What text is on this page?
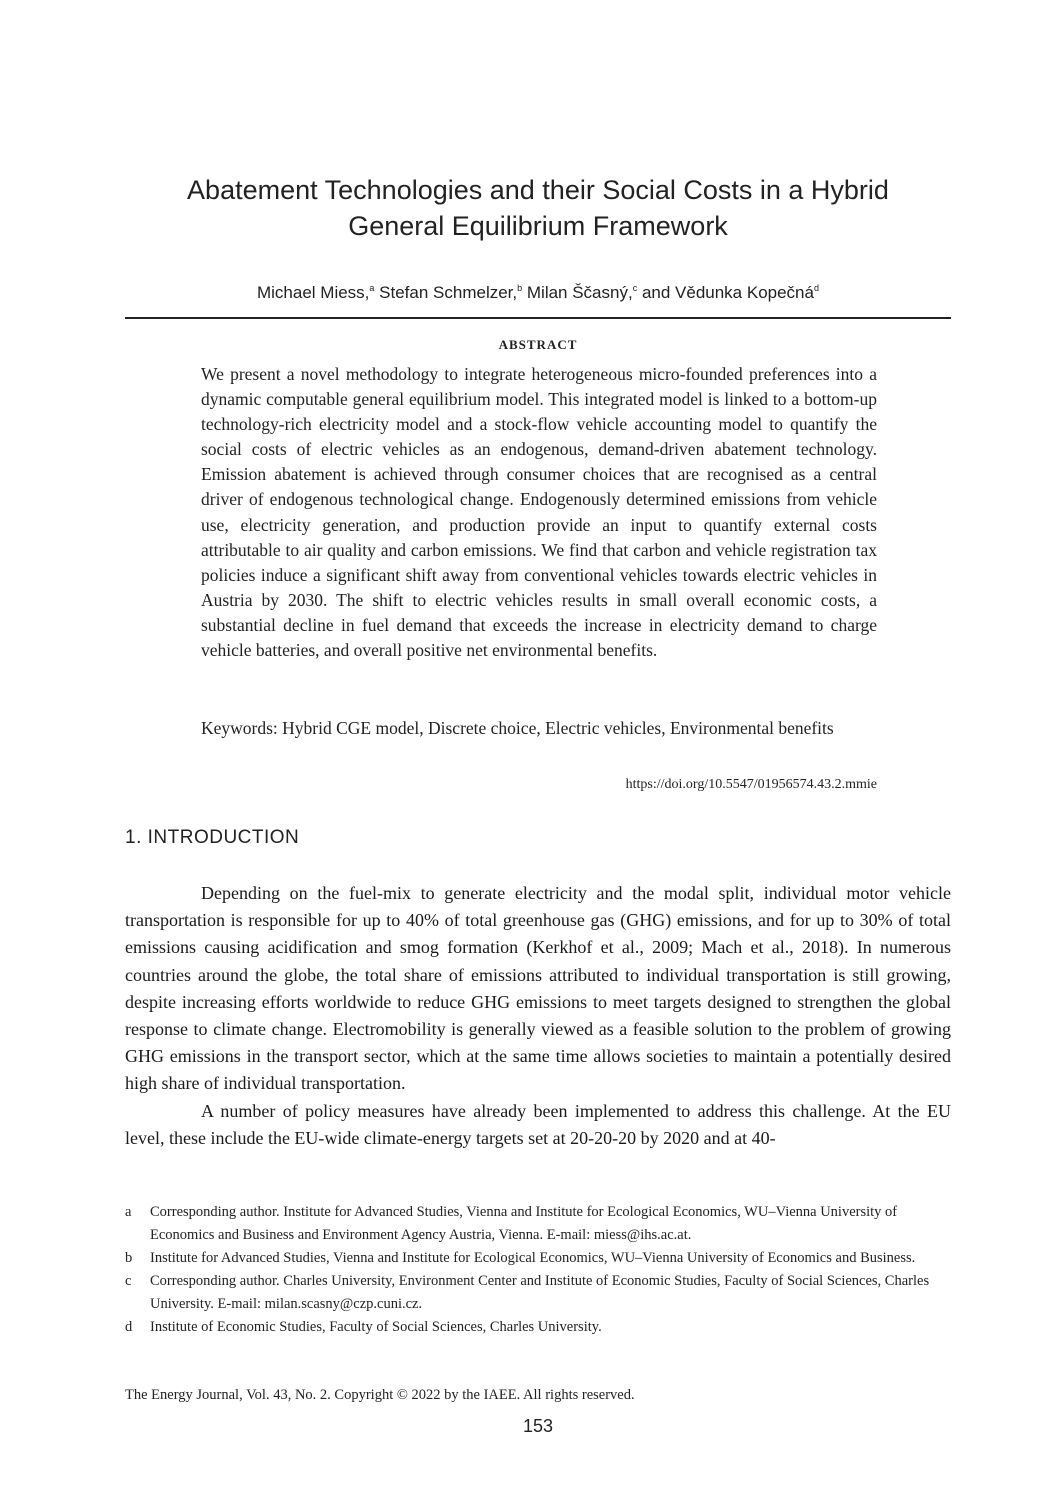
Abatement Technologies and their Social Costs in a Hybrid
General Equilibrium Framework
Michael Miess,$^a$ Stefan Schmelzer,$^b$ Milan Ščasný,$^c$ and Vědunka Kopečná$^d$
ABSTRACT
We present a novel methodology to integrate heterogeneous micro-founded preferences into a dynamic computable general equilibrium model. This integrated model is linked to a bottom-up technology-rich electricity model and a stock-flow vehicle accounting model to quantify the social costs of electric vehicles as an endogenous, demand-driven abatement technology. Emission abatement is achieved through consumer choices that are recognised as a central driver of endogenous technological change. Endogenously determined emissions from vehicle use, electricity generation, and production provide an input to quantify external costs attributable to air quality and carbon emissions. We find that carbon and vehicle registration tax policies induce a significant shift away from conventional vehicles towards electric vehicles in Austria by 2030. The shift to electric vehicles results in small overall economic costs, a substantial decline in fuel demand that exceeds the increase in electricity demand to charge vehicle batteries, and overall positive net environmental benefits.
Keywords: Hybrid CGE model, Discrete choice, Electric vehicles, Environmental benefits
https://doi.org/10.5547/01956574.43.2.mmie
1. INTRODUCTION

Depending on the fuel-mix to generate electricity and the modal split, individual motor vehicle transportation is responsible for up to 40% of total greenhouse gas (GHG) emissions, and for up to 30% of total emissions causing acidification and smog formation (Kerkhof et al., 2009; Mach et al., 2018). In numerous countries around the globe, the total share of emissions attributed to individual transportation is still growing, despite increasing efforts worldwide to reduce GHG emissions to meet targets designed to strengthen the global response to climate change. Electromobility is generally viewed as a feasible solution to the problem of growing GHG emissions in the transport sector, which at the same time allows societies to maintain a potentially desired high share of individual transportation.

A number of policy measures have already been implemented to address this challenge. At the EU level, these include the EU-wide climate-energy targets set at 20-20-20 by 2020 and at 40-

a	Corresponding author. Institute for Advanced Studies, Vienna and Institute for Ecological Economics, WU–Vienna University of Economics and Business and Environment Agency Austria, Vienna. E-mail: miess@ihs.ac.at.
b	Institute for Advanced Studies, Vienna and Institute for Ecological Economics, WU–Vienna University of Economics and Business.
c	Corresponding author. Charles University, Environment Center and Institute of Economic Studies, Faculty of Social Sciences, Charles University. E-mail: milan.scasny@czp.cuni.cz.
d	Institute of Economic Studies, Faculty of Social Sciences, Charles University.
The Energy Journal, Vol. 43, No. 2. Copyright © 2022 by the IAEE. All rights reserved.
153
